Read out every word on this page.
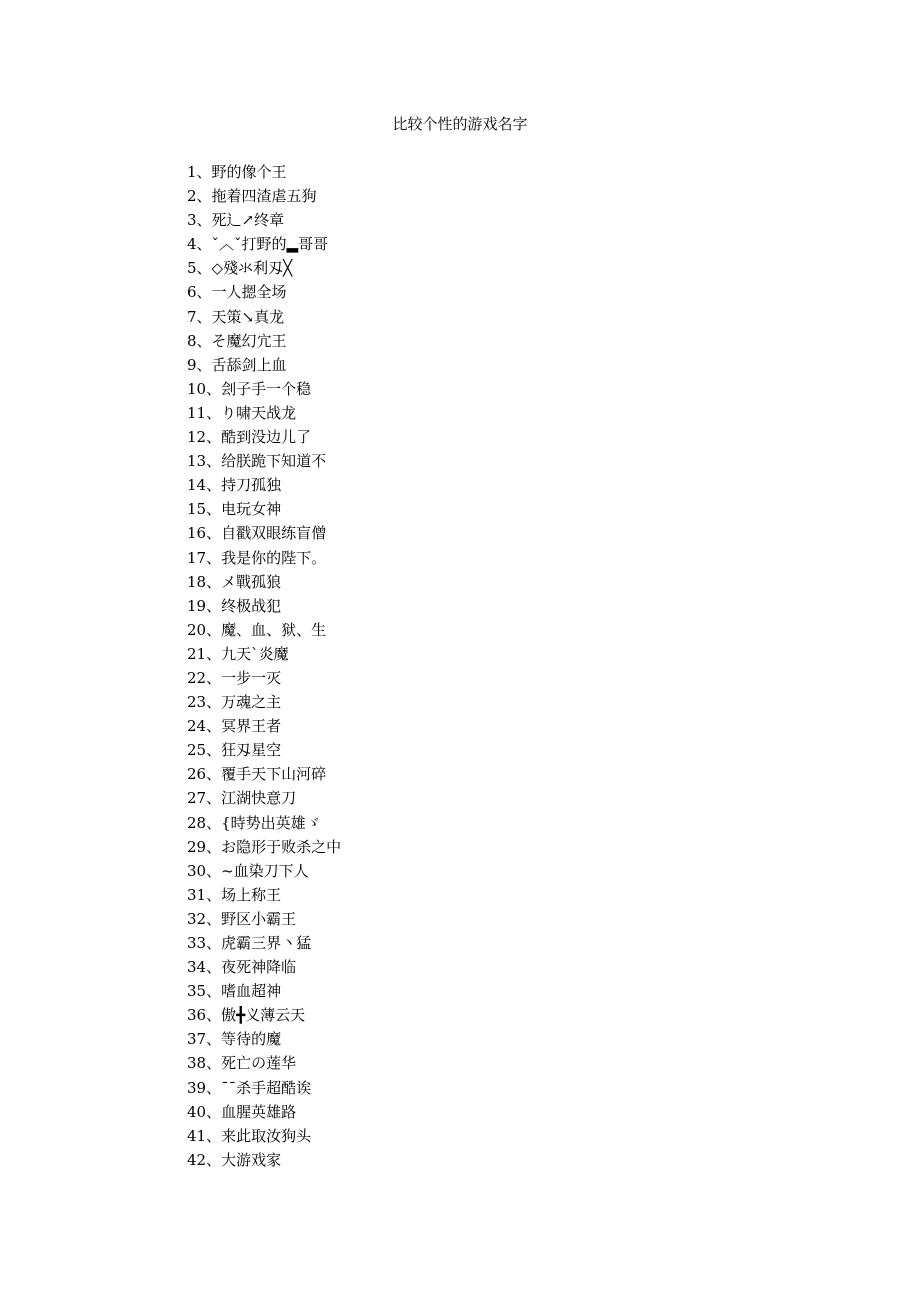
比较个性的游戏名字
1、野的像个王
2、拖着四渣虐五狗
3、死辶↗终章
4、ˇ︿ˇ打野的▂哥哥
5、◇殘氺利刄╳
6、一人摁全场
7、天策↘真龙
8、そ魔幻宂王
9、舌舔剑上血
10、刽子手一个稳
11、り啸天战龙
12、酷到没边儿了
13、给朕跪下知道不
14、持刀孤独
15、电玩女神
16、自戳双眼练盲僧
17、我是你的陛下。
18、メ戰孤狼
19、终极战犯
20、魔、血、狱、生
21、九天`炎魔
22、一步一灭
23、万魂之主
24、冥界王者
25、狂刄星空
26、覆手天下山河碎
27、江湖快意刀
28、{時势出英雄ゞ
29、お隐形于败杀之中
30、~血染刀下人
31、场上称王
32、野区小霸王
33、虎霸三界丶猛
34、夜死神降临
35、嗜血超神
36、傲╋义薄云天
37、等待的魔
38、死亡の莲华
39、¯¯杀手超酷诶
40、血腥英雄路
41、来此取汝狗头
42、大游戏家
